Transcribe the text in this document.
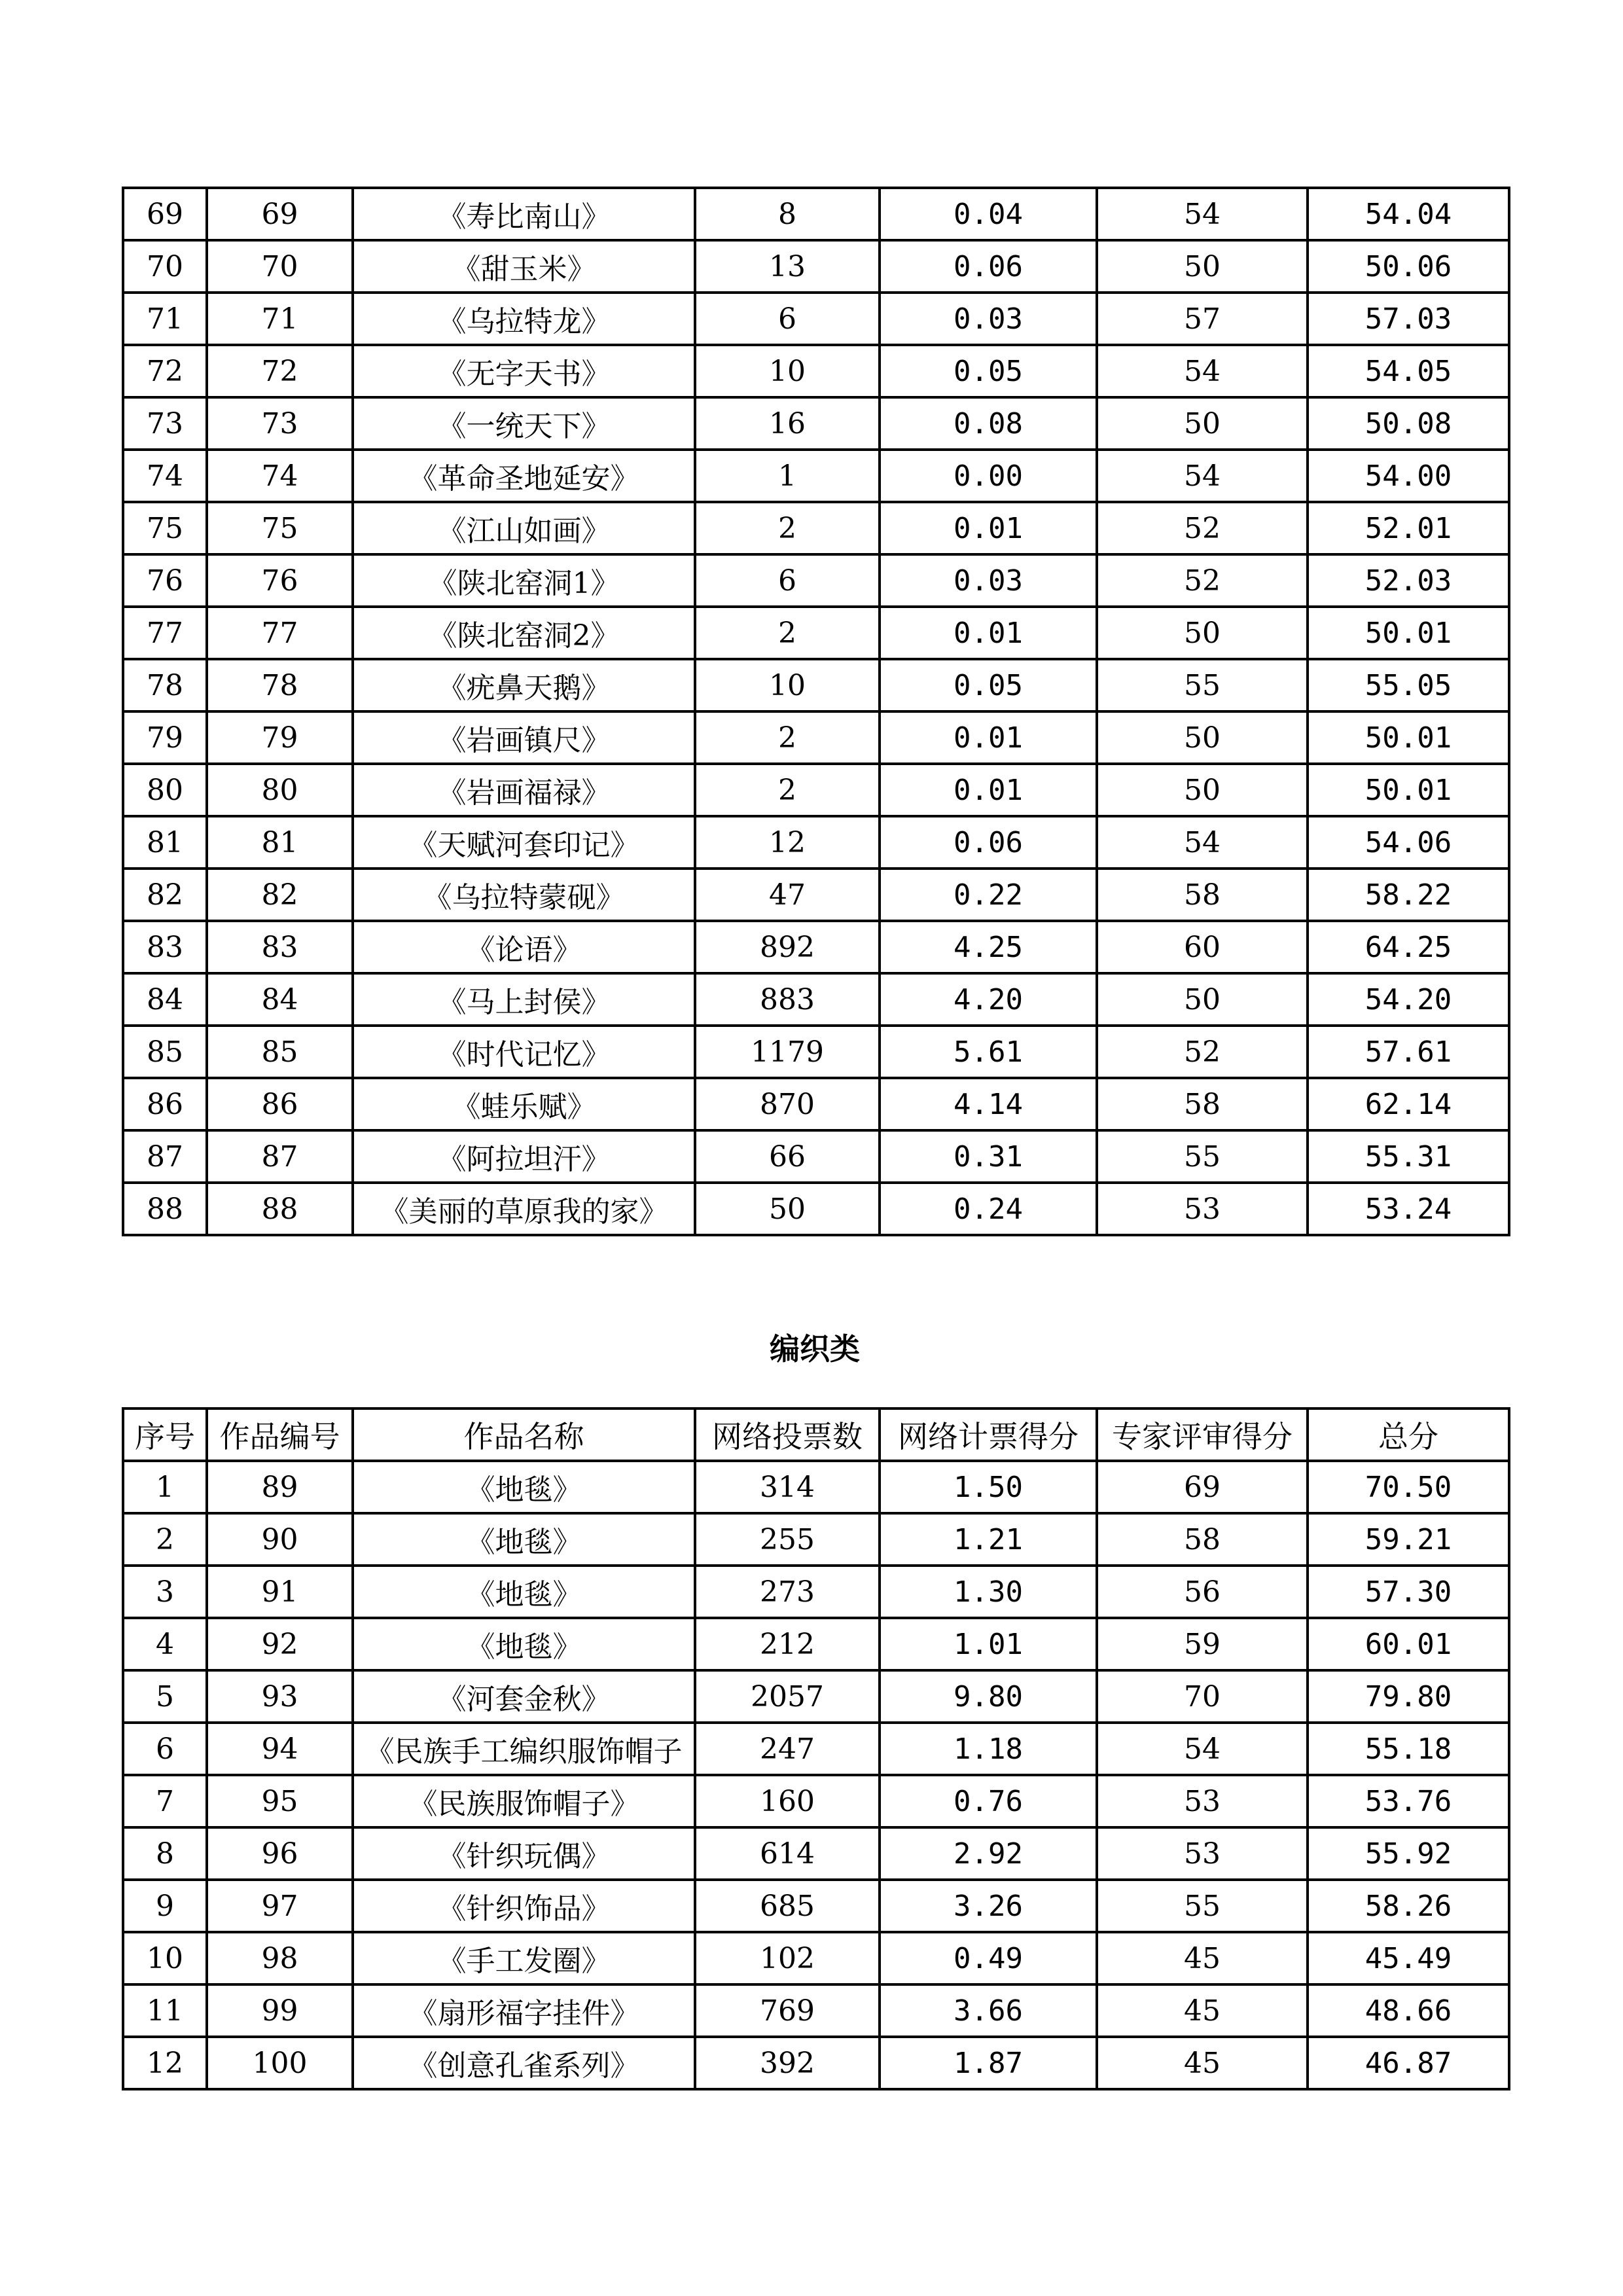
69	69	《寿比南山》	8	0.04	54	54.04
70	70	《甜玉米》	13	0.06	50	50.06
71	71	《乌拉特龙》	6	0.03	57	57.03
72	72	《无字天书》	10	0.05	54	54.05
73	73	《一统天下》	16	0.08	50	50.08
74	74	《革命圣地延安》	1	0.00	54	54.00
75	75	《江山如画》	2	0.01	52	52.01
76	76	《陕北窑洞1》	6	0.03	52	52.03
77	77	《陕北窑洞2》	2	0.01	50	50.01
78	78	《疣鼻天鹅》	10	0.05	55	55.05
79	79	《岩画镇尺》	2	0.01	50	50.01
80	80	《岩画福禄》	2	0.01	50	50.01
81	81	《天赋河套印记》	12	0.06	54	54.06
82	82	《乌拉特蒙砚》	47	0.22	58	58.22
83	83	《论语》	892	4.25	60	64.25
84	84	《马上封侯》	883	4.20	50	54.20
85	85	《时代记忆》	1179	5.61	52	57.61
86	86	《蛙乐赋》	870	4.14	58	62.14
87	87	《阿拉坦汗》	66	0.31	55	55.31
88	88	《美丽的草原我的家》	50	0.24	53	53.24
编织类
序号	作品编号	作品名称	网络投票数	网络计票得分	专家评审得分	总分
1	89	《地毯》	314	1.50	69	70.50
2	90	《地毯》	255	1.21	58	59.21
3	91	《地毯》	273	1.30	56	57.30
4	92	《地毯》	212	1.01	59	60.01
5	93	《河套金秋》	2057	9.80	70	79.80
6	94	《民族手工编织服饰帽子	247	1.18	54	55.18
7	95	《民族服饰帽子》	160	0.76	53	53.76
8	96	《针织玩偶》	614	2.92	53	55.92
9	97	《针织饰品》	685	3.26	55	58.26
10	98	《手工发圈》	102	0.49	45	45.49
11	99	《扇形福字挂件》	769	3.66	45	48.66
12	100	《创意孔雀系列》	392	1.87	45	46.87
